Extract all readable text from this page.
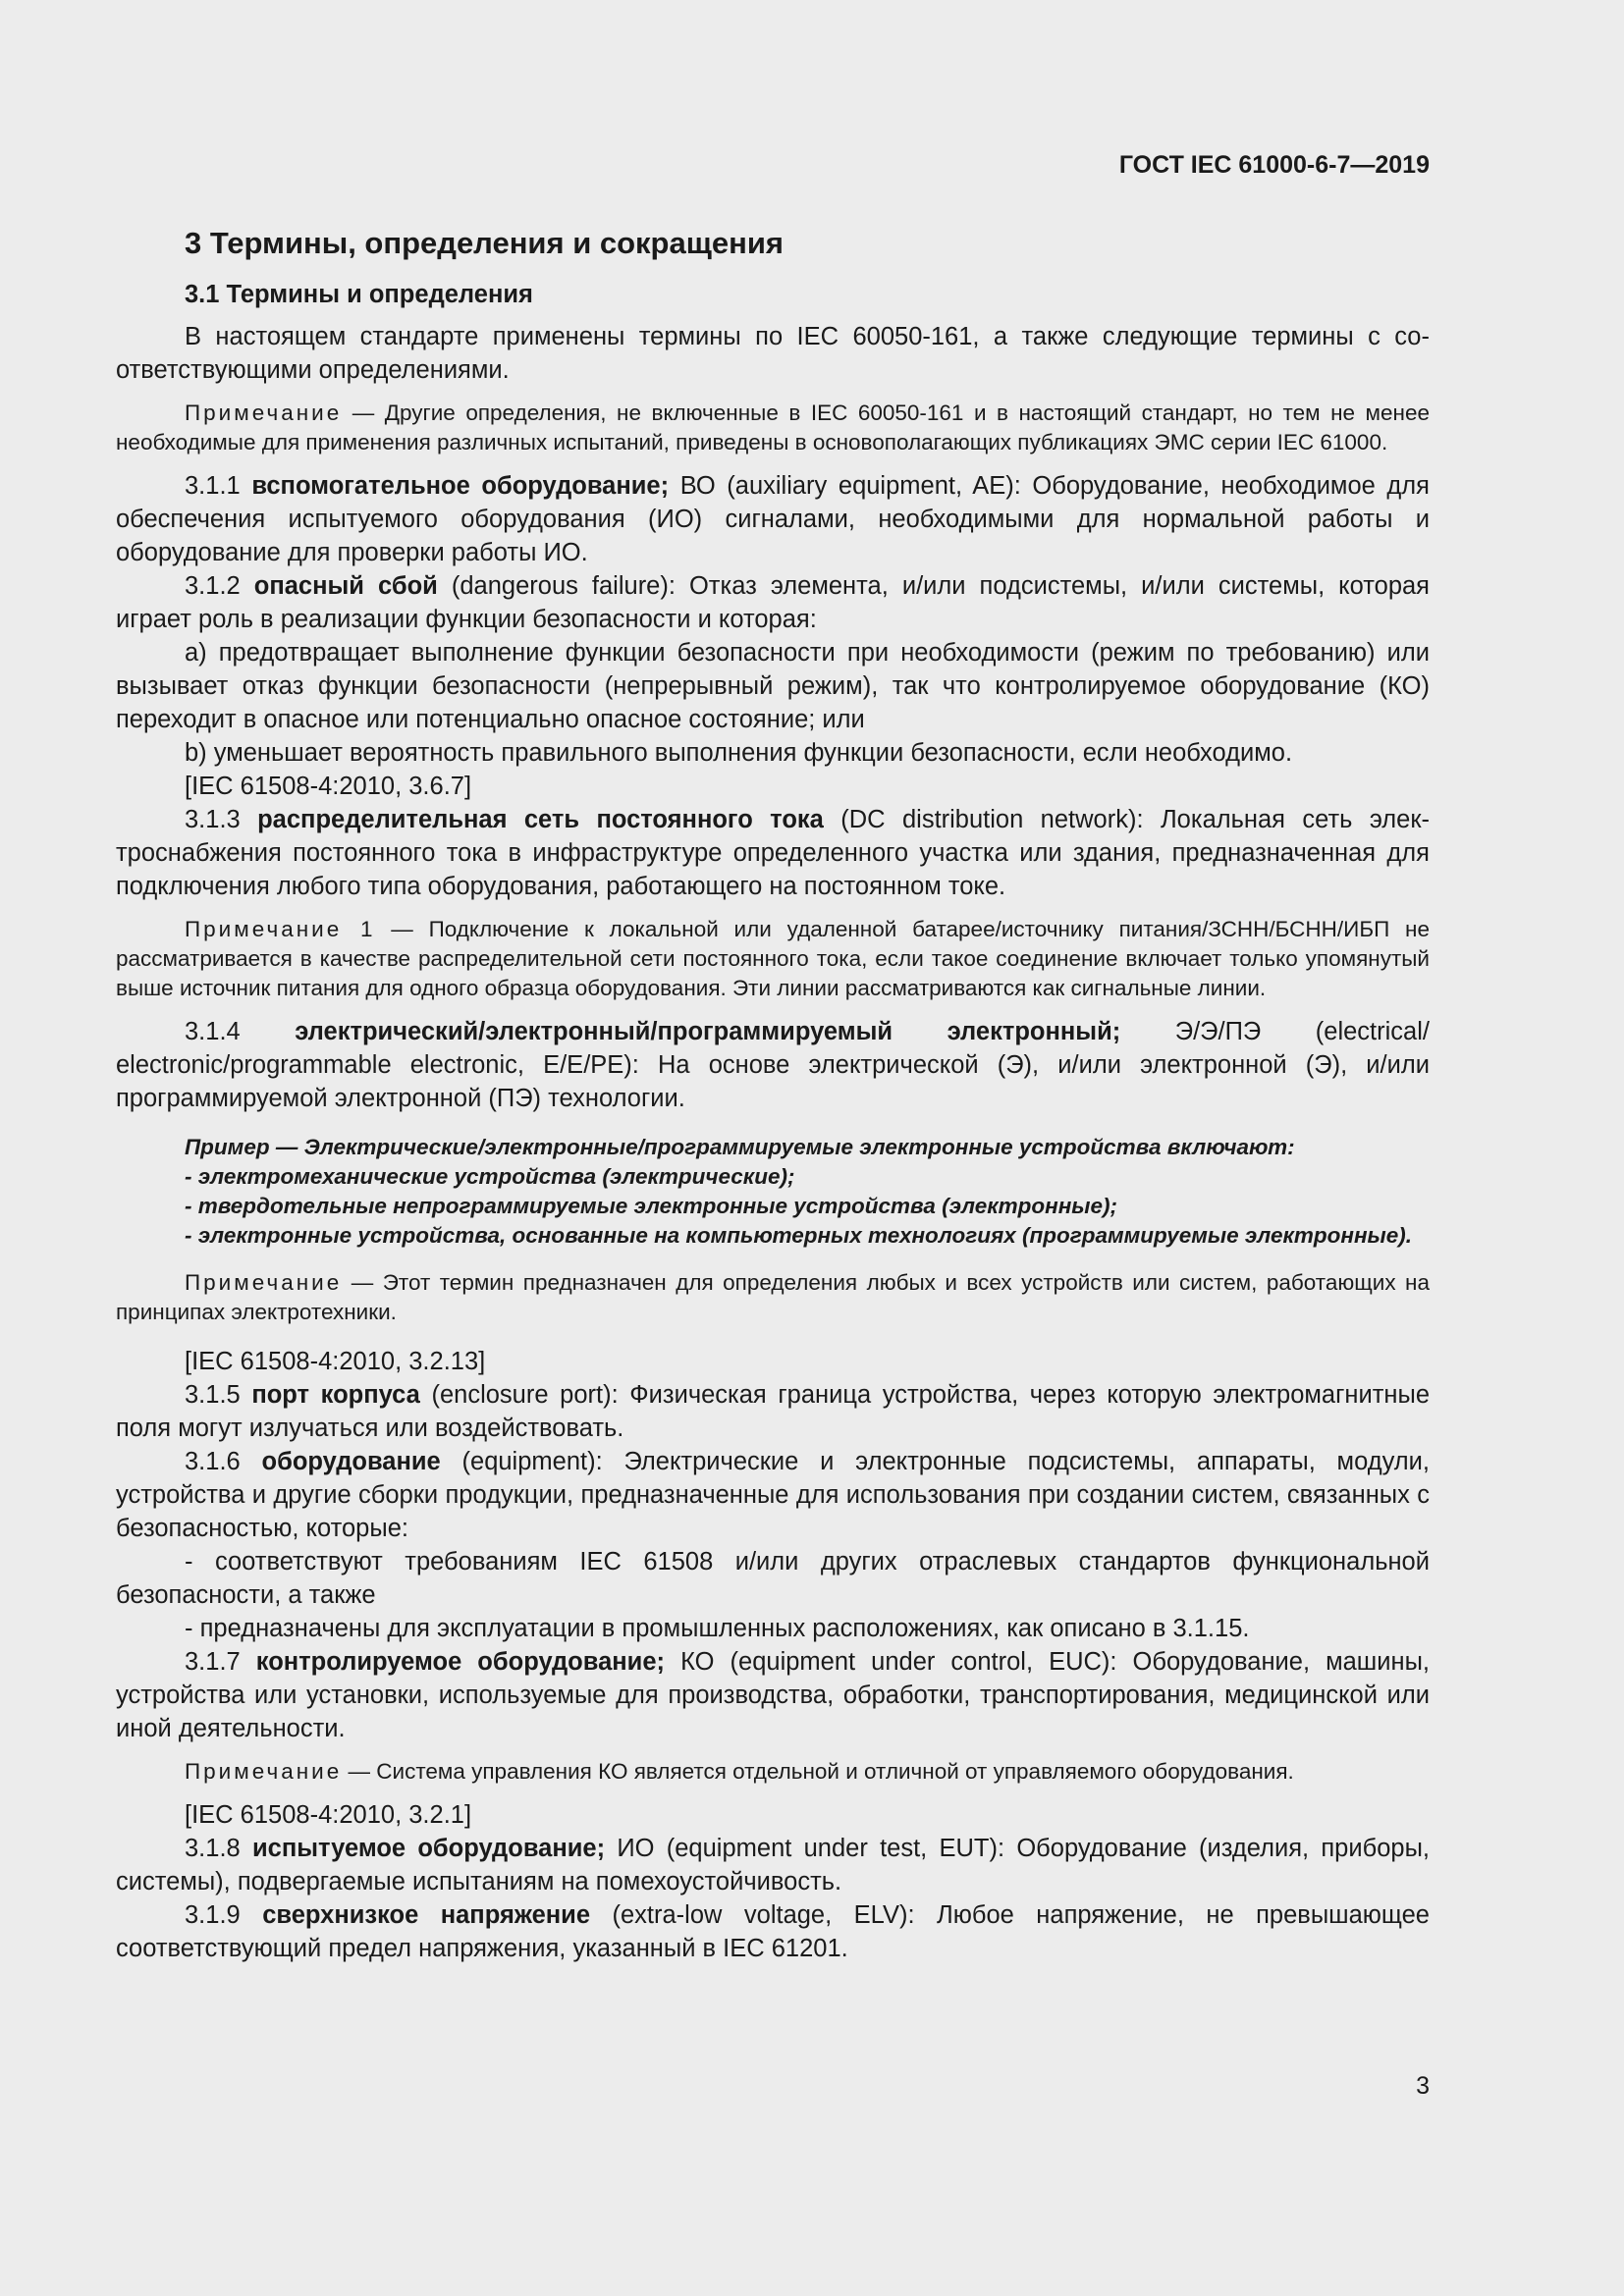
ГОСТ IEC 61000-6-7—2019

3 Термины, определения и сокращения

3.1 Термины и определения

В настоящем стандарте применены термины по IEC 60050-161, а также следующие термины с соответствующими определениями.

Примечание — Другие определения, не включенные в IEC 60050-161 и в настоящий стандарт, но тем не менее необходимые для применения различных испытаний, приведены в основополагающих публикациях ЭМС серии IEC 61000.

3.1.1 вспомогательное оборудование; ВО (auxiliary equipment, AE): Оборудование, необходимое для обеспечения испытуемого оборудования (ИО) сигналами, необходимыми для нормальной работы и оборудование для проверки работы ИО.

3.1.2 опасный сбой (dangerous failure): Отказ элемента, и/или подсистемы, и/или системы, которая играет роль в реализации функции безопасности и которая:

a) предотвращает выполнение функции безопасности при необходимости (режим по требованию) или вызывает отказ функции безопасности (непрерывный режим), так что контролируемое оборудование (КО) переходит в опасное или потенциально опасное состояние; или

b) уменьшает вероятность правильного выполнения функции безопасности, если необходимо.

[IEC 61508-4:2010, 3.6.7]

3.1.3 распределительная сеть постоянного тока (DC distribution network): Локальная сеть электроснабжения постоянного тока в инфраструктуре определенного участка или здания, предназначенная для подключения любого типа оборудования, работающего на постоянном токе.

Примечание 1 — Подключение к локальной или удаленной батарее/источнику питания/ЗСНН/БСНН/ИБП не рассматривается в качестве распределительной сети постоянного тока, если такое соединение включает только упомянутый выше источник питания для одного образца оборудования. Эти линии рассматриваются как сигнальные линии.

3.1.4 электрический/электронный/программируемый электронный; Э/Э/ПЭ (electrical/ electronic/programmable electronic, E/E/PE): На основе электрической (Э), и/или электронной (Э), и/или программируемой электронной (ПЭ) технологии.

Пример — Электрические/электронные/программируемые электронные устройства включают:

- электромеханические устройства (электрические);

- твердотельные непрограммируемые электронные устройства (электронные);

- электронные устройства, основанные на компьютерных технологиях (программируемые электронные).

Примечание — Этот термин предназначен для определения любых и всех устройств или систем, работающих на принципах электротехники.

[IEC 61508-4:2010, 3.2.13]

3.1.5 порт корпуса (enclosure port): Физическая граница устройства, через которую электромагнитные поля могут излучаться или воздействовать.

3.1.6 оборудование (equipment): Электрические и электронные подсистемы, аппараты, модули, устройства и другие сборки продукции, предназначенные для использования при создании систем, связанных с безопасностью, которые:

- соответствуют требованиям IEC 61508 и/или других отраслевых стандартов функциональной безопасности, а также

- предназначены для эксплуатации в промышленных расположениях, как описано в 3.1.15.

3.1.7 контролируемое оборудование; КО (equipment under control, EUC): Оборудование, машины, устройства или установки, используемые для производства, обработки, транспортирования, медицинской или иной деятельности.

Примечание — Система управления КО является отдельной и отличной от управляемого оборудования.

[IEC 61508-4:2010, 3.2.1]

3.1.8 испытуемое оборудование; ИО (equipment under test, EUT): Оборудование (изделия, приборы, системы), подвергаемые испытаниям на помехоустойчивость.

3.1.9 сверхнизкое напряжение (extra-low voltage, ELV): Любое напряжение, не превышающее соответствующий предел напряжения, указанный в IEC 61201.

3
